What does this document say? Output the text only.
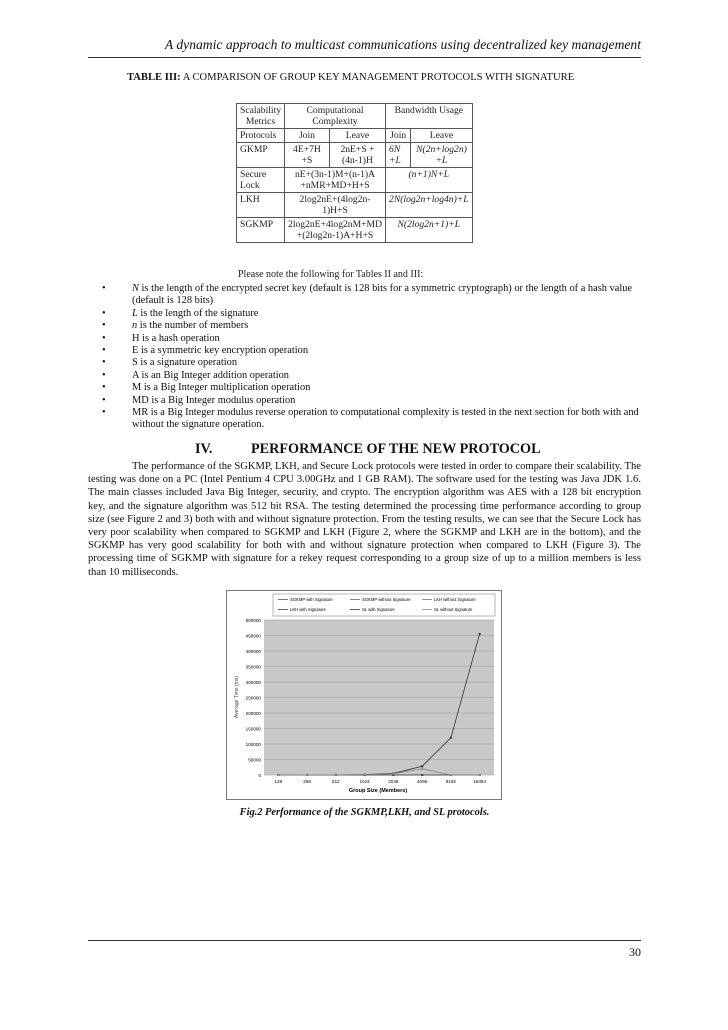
A dynamic approach to multicast communications using decentralized key management
TABLE III: A COMPARISON OF GROUP KEY MANAGEMENT PROTOCOLS WITH SIGNATURE
Scalability Metrics	Computational Complexity		Bandwidth Usage	
Protocols	Join	Leave	Join	Leave
GKMP	4E+7H +S	2nE+S +(4n-1)H	6N +L	N(2n+log2n) +L
Secure Lock	nE+(3n-1)M+(n-1)A +nMR+MD+H+S		(n+1)N+L	
LKH	2log2nE+(4log2n-1)H+S		2N(log2n+log4n)+L	
SGKMP	2log2nE+4log2nM+MD +(2log2n-1)A+H+S		N(2log2n+1)+L	
Please note the following for Tables II and III:
• N is the length of the encrypted secret key (default is 128 bits for a symmetric cryptograph) or the length of a hash value (default is 128 bits)
• L is the length of the signature
• n is the number of members
• H is a hash operation
• E is a symmetric key encryption operation
• S is a signature operation
• A is an Big Integer addition operation
• M is a Big Integer multiplication operation
• MD is a Big Integer modulus operation
• MR is a Big Integer modulus reverse operation to computational complexity is tested in the next section for both with and without the signature operation.
IV.	PERFORMANCE OF THE NEW PROTOCOL

The performance of the SGKMP, LKH, and Secure Lock protocols were tested in order to compare their scalability. The testing was done on a PC (Intel Pentium 4 CPU 3.00GHz and 1 GB RAM). The software used for the testing was Java JDK 1.6. The main classes included Java Big Integer, security, and crypto. The encryption algorithm was AES with a 128 bit encryption key, and the signature algorithm was 512 bit RSA. The testing determined the processing time performance according to group size (see Figure 2 and 3) both with and without signature protection. From the testing results, we can see that the Secure Lock has very poor scalability when compared to SGKMP and LKH (Figure 2, where the SGKMP and LKH are in the bottom), and the SGKMP has very good scalability for both with and without signature protection when compared to LKH (Figure 3). The processing time of SGKMP with signature for a rekey request corresponding to a group size of up to a million members is less than 10 milliseconds.

SGKMP with Signature	SGKMP without Signature	LKH without Signature
LKH with Signature	SL with Signature	SL without Signature
0
50000
100000
150000
200000
250000
300000
350000
400000
450000
500000
128	256	512	1024	2048	4096	8192	16384
Group Size (Members)
Average Time (ms)
Fig.2 Performance of the SGKMP,LKH, and SL protocols.
30
